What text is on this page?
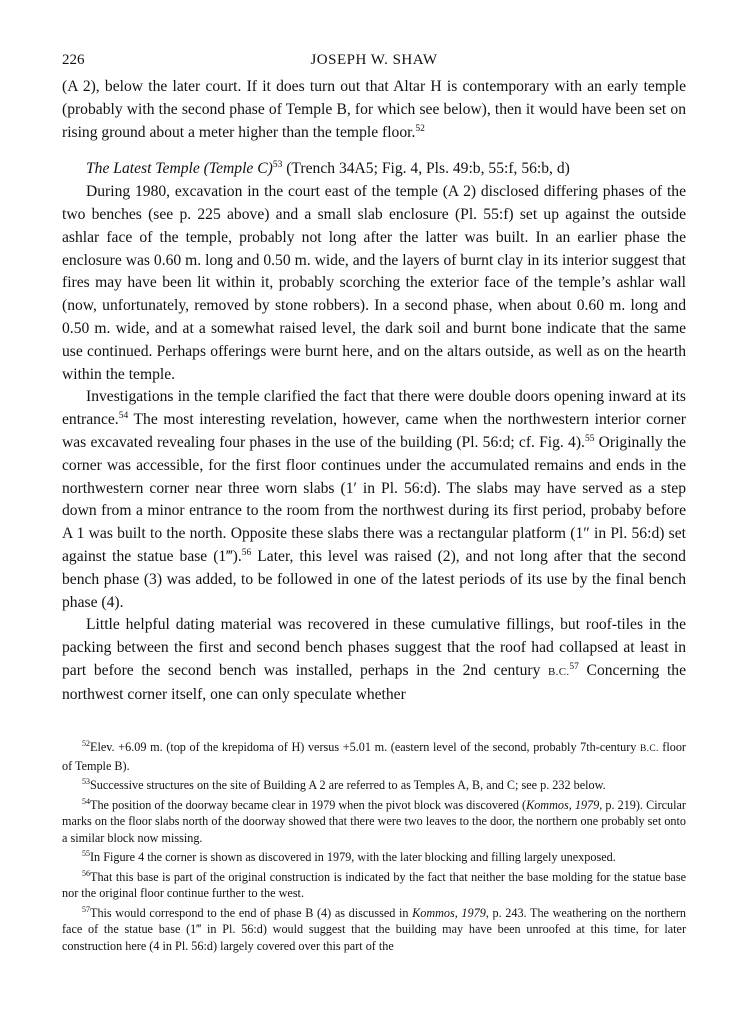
226	JOSEPH W. SHAW

(A 2), below the later court. If it does turn out that Altar H is contemporary with an early temple (probably with the second phase of Temple B, for which see below), then it would have been set on rising ground about a meter higher than the temple floor.$^{52}$

The Latest Temple (Temple C)$^{53}$ (Trench 34A5; Fig. 4, Pls. 49:b, 55:f, 56:b, d)

During 1980, excavation in the court east of the temple (A 2) disclosed differing phases of the two benches (see p. 225 above) and a small slab enclosure (Pl. 55:f) set up against the outside ashlar face of the temple, probably not long after the latter was built. In an earlier phase the enclosure was 0.60 m. long and 0.50 m. wide, and the layers of burnt clay in its interior suggest that fires may have been lit within it, probably scorching the exterior face of the temple’s ashlar wall (now, unfortunately, removed by stone robbers). In a second phase, when about 0.60 m. long and 0.50 m. wide, and at a somewhat raised level, the dark soil and burnt bone indicate that the same use continued. Perhaps offerings were burnt here, and on the altars outside, as well as on the hearth within the temple.

Investigations in the temple clarified the fact that there were double doors opening inward at its entrance.$^{54}$ The most interesting revelation, however, came when the northwestern interior corner was excavated revealing four phases in the use of the building (Pl. 56:d; cf. Fig. 4).$^{55}$ Originally the corner was accessible, for the first floor continues under the accumulated remains and ends in the northwestern corner near three worn slabs (1′ in Pl. 56:d). The slabs may have served as a step down from a minor entrance to the room from the northwest during its first period, probaby before A 1 was built to the north. Opposite these slabs there was a rectangular platform (1″ in Pl. 56:d) set against the statue base (1‴).$^{56}$ Later, this level was raised (2), and not long after that the second bench phase (3) was added, to be followed in one of the latest periods of its use by the final bench phase (4).

Little helpful dating material was recovered in these cumulative fillings, but roof-tiles in the packing between the first and second bench phases suggest that the roof had collapsed at least in part before the second bench was installed, perhaps in the 2nd century B.C.$^{57}$ Concerning the northwest corner itself, one can only speculate whether

$^{52}$Elev. +6.09 m. (top of the krepidoma of H) versus +5.01 m. (eastern level of the second, probably 7th-century B.C. floor of Temple B).

$^{53}$Successive structures on the site of Building A 2 are referred to as Temples A, B, and C; see p. 232 below.

$^{54}$The position of the doorway became clear in 1979 when the pivot block was discovered (Kommos, 1979, p. 219). Circular marks on the floor slabs north of the doorway showed that there were two leaves to the door, the northern one probably set onto a similar block now missing.

$^{55}$In Figure 4 the corner is shown as discovered in 1979, with the later blocking and filling largely unexposed.

$^{56}$That this base is part of the original construction is indicated by the fact that neither the base molding for the statue base nor the original floor continue further to the west.

$^{57}$This would correspond to the end of phase B (4) as discussed in Kommos, 1979, p. 243. The weathering on the northern face of the statue base (1‴ in Pl. 56:d) would suggest that the building may have been unroofed at this time, for later construction here (4 in Pl. 56:d) largely covered over this part of the
